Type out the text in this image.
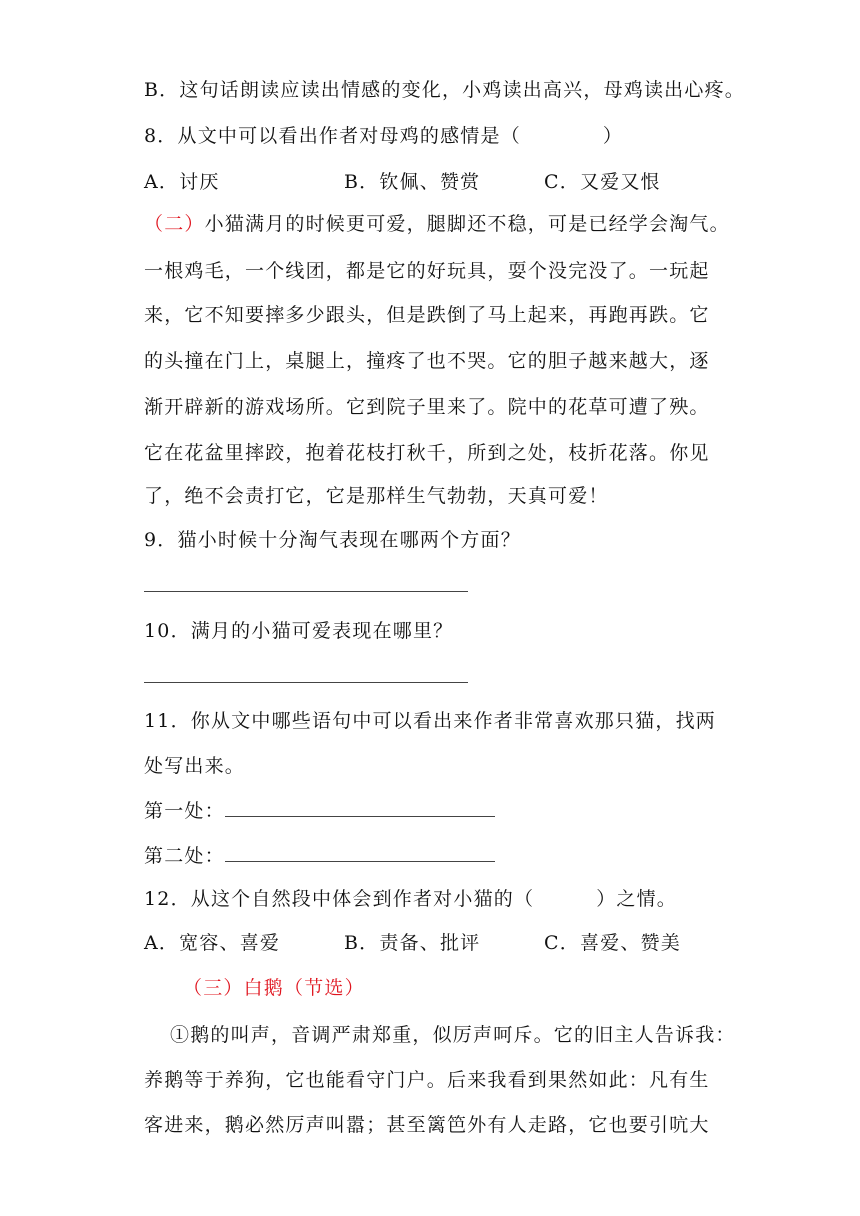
B．这句话朗读应读出情感的变化，小鸡读出高兴，母鸡读出心疼。
8．从文中可以看出作者对母鸡的感情是（	）
A．讨厌	B．钦佩、赞赏	C．又爱又恨
（二）小猫满月的时候更可爱，腿脚还不稳，可是已经学会淘气。
一根鸡毛，一个线团，都是它的好玩具，耍个没完没了。一玩起
来，它不知要摔多少跟头，但是跌倒了马上起来，再跑再跌。它
的头撞在门上，桌腿上，撞疼了也不哭。它的胆子越来越大，逐
渐开辟新的游戏场所。它到院子里来了。院中的花草可遭了殃。
它在花盆里摔跤，抱着花枝打秋千，所到之处，枝折花落。你见
了，绝不会责打它，它是那样生气勃勃，天真可爱！
9．猫小时候十分淘气表现在哪两个方面？
10．满月的小猫可爱表现在哪里？
11．你从文中哪些语句中可以看出来作者非常喜欢那只猫，找两
处写出来。
第一处：
第二处：
12．从这个自然段中体会到作者对小猫的（	）之情。
A．宽容、喜爱	B．责备、批评	C．喜爱、赞美
（三）白鹅（节选）
①鹅的叫声，音调严肃郑重，似厉声呵斥。它的旧主人告诉我：
养鹅等于养狗，它也能看守门户。后来我看到果然如此：凡有生
客进来，鹅必然厉声叫嚣；甚至篱笆外有人走路，它也要引吭大
